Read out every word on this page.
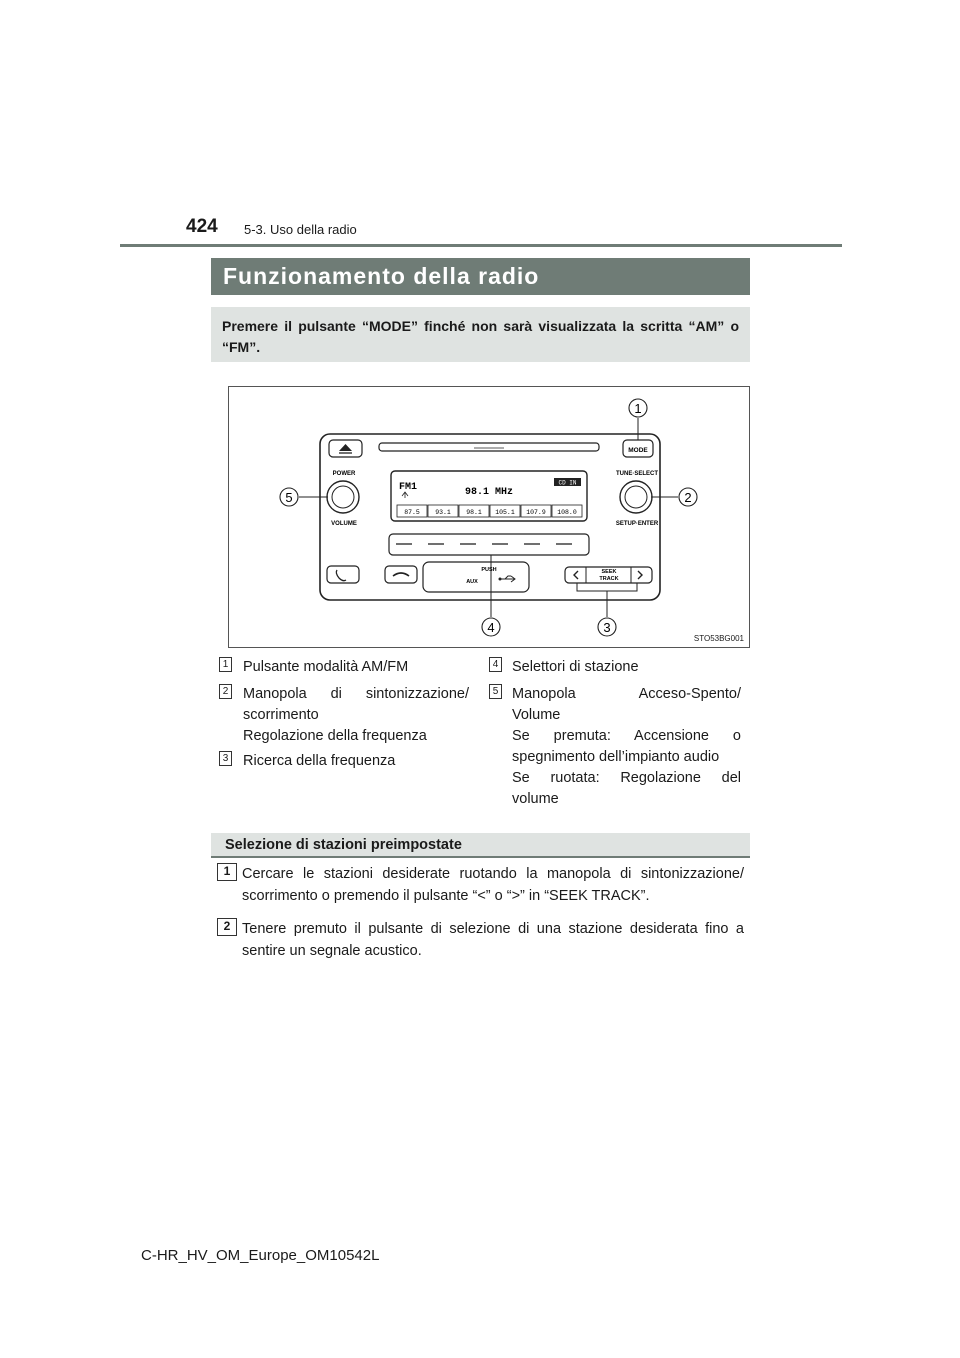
424 5-3. Uso della radio
Funzionamento della radio
Premere il pulsante “MODE” finché non sarà visualizzata la scritta “AM” o “FM”.
MODE
POWER
VOLUME
TUNE·SELECT
SETUP·ENTER
FM1	98.1 MHz
CD IN
87.5 93.1 98.1 105.1 107.9 108.0
PUSH
AUX
SEEK
TRACK
1
2
3
4
5
STO53BG001
1 Pulsante modalità AM/FM
2 Manopola di sintonizzazione/
scorrimento
Regolazione della frequenza
3 Ricerca della frequenza
4 Selettori di stazione
5 Manopola Acceso-Spento/
Volume
Se premuta: Accensione o
spegnimento dell’impianto audio
Se ruotata: Regolazione del
volume
Selezione di stazioni preimpostate
1 Cercare le stazioni desiderate ruotando la manopola di sintonizzazione/ scorrimento o premendo il pulsante “<” o “>” in “SEEK TRACK”.
2 Tenere premuto il pulsante di selezione di una stazione desiderata fino a sentire un segnale acustico.
C-HR_HV_OM_Europe_OM10542L
